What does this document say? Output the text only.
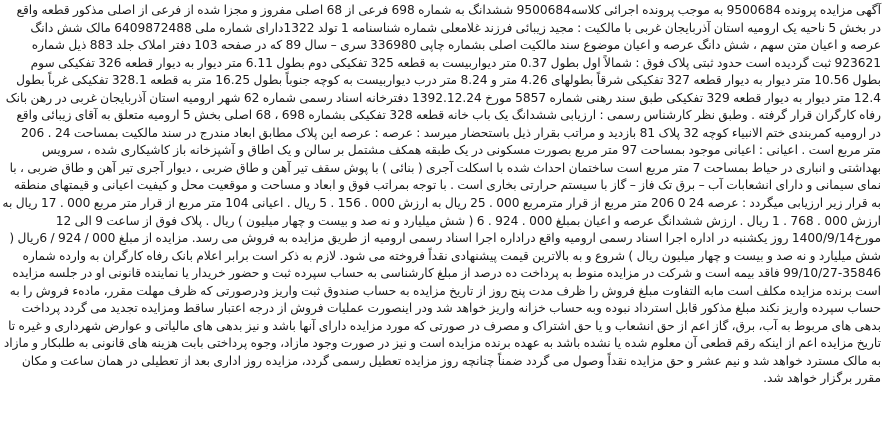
آگهی مزایده پرونده 9500684 به موجب پرونده اجرائی کلاسه9500684 ششدانگ به شماره 698 فرعی از 68 اصلی مفروز و مجزا شده از فرعی از اصلی مذکور قطعه واقع در بخش 5 ناحیه یک ارومیه استان آذربایجان غربی با مالکیت : مجید زیبائی فرزند غلامعلی شماره شناسنامه 1 تولد 1322دارای شماره ملی 6409872488 مالک شش دانگ عرصه و اعیان متن سهم ، شش دانگ عرصه و اعیان موضوع سند مالکیت اصلی بشماره چاپی 336980 سری – سال 89 که در صفحه 103 دفتر املاک جلد 883 ذیل شماره 923621 ثبت گردیده است حدود ثبتی پلاک فوق : شمالاً اول بطول 0.37 متر دیواربیست به قطعه 325 تفکیکی دوم بطول 6.11 متر دیوار به دیوار قطعه 326 تفکیکی سوم بطول 10.56 متر دیوار به دیوار قطعه 327 تفکیکی شرقاً بطولهای 4.26 متر و 8.24 متر درب دیواربیست به کوچه جنوباً بطول 16.25 متر به قطعه 328.1 تفکیکی غرباً بطول 12.4 متر دیوار به دیوار قطعه 329 تفکیکی طبق سند رهنی شماره 5857 مورخ 1392.12.24 دفترخانه اسناد رسمی شماره 62 شهر ارومیه استان آذربایجان غربی در رهن بانک رفاه کارگران قرار گرفته . وطبق نظر کارشناس رسمی : ارزیابی ششدانگ یک باب خانه قطعه 328 تفکیکی بشماره 698 ، 68 اصلی بخش 5 ارومیه متعلق به آقای زیبائی واقع در ارومیه کمربندی ختم الانبیاء کوچه 32 پلاک 81 بازدید و مراتب بقرار ذیل باستحضار میرسد : عرصه : عرصه این پلاک مطابق ابعاد مندرج در سند مالکیت بمساحت 24 . 206 متر مربع است . اعیانی : اعیانی موجود بمساحت 97 متر مربع بصورت مسکونی در یک طبقه همکف مشتمل بر سالن و یک اطاق و آشپزخانه باز کاشیکاری شده ، سرویس بهداشتی و انباری در حیاط بمساحت 7 متر مربع است ساختمان احداث شده با اسکلت آجری ( بنائی ) با پوش سقف تیر آهن و طاق ضربی ، دیوار آجری تیر آهن و طاق ضربی ، با نمای سیمانی و دارای انشعابات آب – برق تک فاز – گاز با سیستم حرارتی بخاری است . با توجه بمراتب فوق و ابعاد و مساحت و موقعیت محل و کیفیت اعیانی و قیمتهای منطقه به قرار زیر ارزیابی میگردد : عرصه 24 0 206 متر مربع از قرار مترمربع 000 . 25 ریال به ارزش 000 . 156 . 5 ریال . اعیانی 104 متر مربع از قرار متر مربع 000 . 17 ریال به ارزش 000 . 768 . 1 ریال . ارزش ششدانگ عرصه و اعیان بمبلغ 000 . 924 . 6 ( شش میلیارد و نه صد و بیست و چهار میلیون ) ریال . پلاک فوق از ساعت 9 الی 12 مورخ1400/9/14 روز یکشنبه در اداره اجرا اسناد رسمی ارومیه واقع دراداره اجرا اسناد رسمی ارومیه از طریق مزایده به فروش می رسد. مزایده از مبلغ 000 / 924 / 6ریال ( شش میلیارد و نه صد و بیست و چهار میلیون ریال ) شروع و به بالاترین قیمت پیشنهادی نقداً فروخته می شود. لازم به ذکر است برابر اعلام بانک رفاه کارگران به وارده شماره 35846-99/10/27 فاقد بیمه است و شرکت در مزایده منوط به پرداخت ده درصد از مبلغ کارشناسی به حساب سپرده ثبت و حضور خریدار یا نماینده قانونی او در جلسه مزایده است برنده مزایده مکلف است مابه التفاوت مبلغ فروش را ظرف مدت پنج روز از تاریخ مزایده به حساب صندوق ثبت واریز ودرصورتی که ظرف مهلت مقرر، مادهء فروش را به حساب سپرده واریز نکند مبلغ مذکور قابل استرداد نبوده وبه حساب خزانه واریز خواهد شد ودر اینصورت عملیات فروش از درجه اعتبار ساقط ومزایده تجدید می گردد پرداخت بدهی های مربوط به آب، برق، گاز اعم از حق انشعاب و یا حق اشتراک و مصرف در صورتی که مورد مزایده دارای آنها باشد و نیز بدهی های مالیاتی و عوارض شهرداری و غیره تا تاریخ مزایده اعم از اینکه رقم قطعی آن معلوم شده یا نشده باشد به عهده برنده مزایده است و نیز در صورت وجود مازاد، وجوه پرداختی بابت هزینه های قانونی به طلبکار و مازاد به مالک مسترد خواهد شد و نیم عشر و حق مزایده نقداً وصول می گردد ضمناً چنانچه روز مزایده تعطیل رسمی گردد، مزایده روز اداری بعد از تعطیلی در همان ساعت و مکان مقرر برگزار خواهد شد.
